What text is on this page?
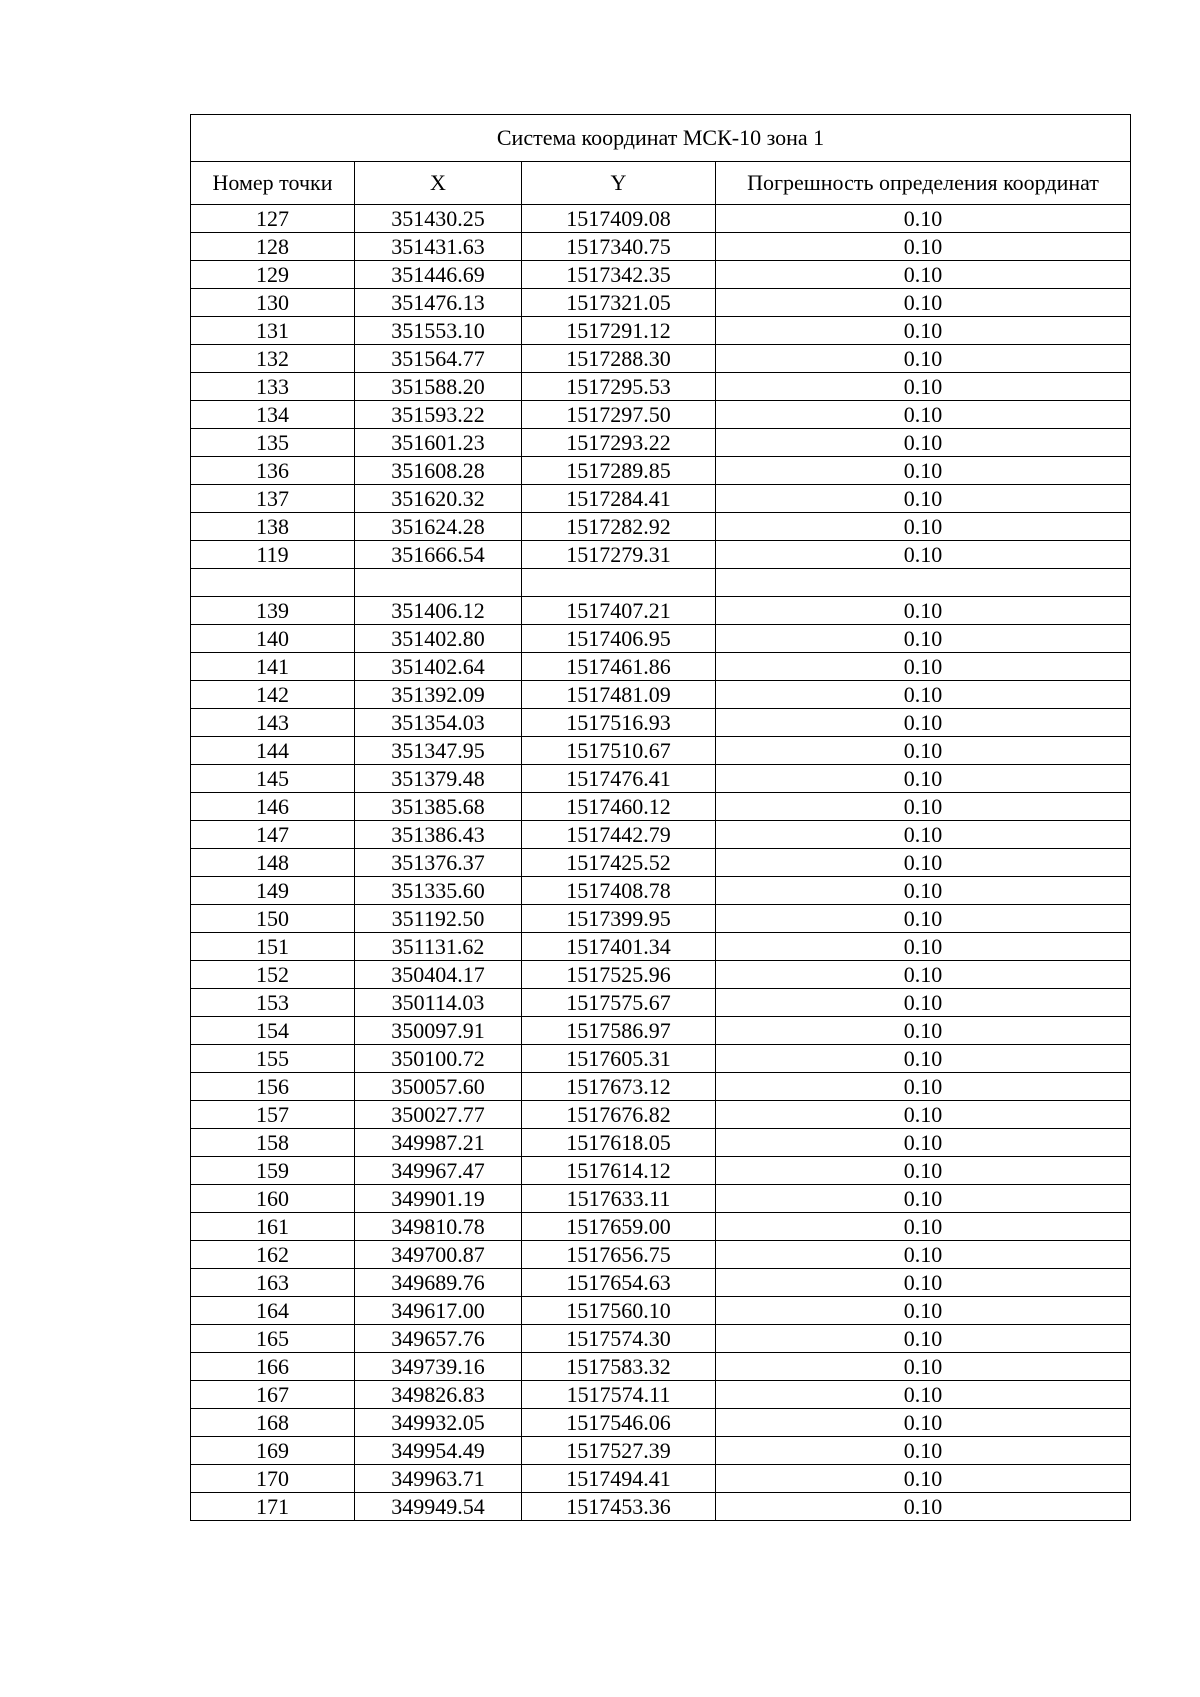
Система координат МСК-10 зона 1			
Номер точки	X	Y	Погрешность определения координат
127	351430.25	1517409.08	0.10
128	351431.63	1517340.75	0.10
129	351446.69	1517342.35	0.10
130	351476.13	1517321.05	0.10
131	351553.10	1517291.12	0.10
132	351564.77	1517288.30	0.10
133	351588.20	1517295.53	0.10
134	351593.22	1517297.50	0.10
135	351601.23	1517293.22	0.10
136	351608.28	1517289.85	0.10
137	351620.32	1517284.41	0.10
138	351624.28	1517282.92	0.10
119	351666.54	1517279.31	0.10

139	351406.12	1517407.21	0.10
140	351402.80	1517406.95	0.10
141	351402.64	1517461.86	0.10
142	351392.09	1517481.09	0.10
143	351354.03	1517516.93	0.10
144	351347.95	1517510.67	0.10
145	351379.48	1517476.41	0.10
146	351385.68	1517460.12	0.10
147	351386.43	1517442.79	0.10
148	351376.37	1517425.52	0.10
149	351335.60	1517408.78	0.10
150	351192.50	1517399.95	0.10
151	351131.62	1517401.34	0.10
152	350404.17	1517525.96	0.10
153	350114.03	1517575.67	0.10
154	350097.91	1517586.97	0.10
155	350100.72	1517605.31	0.10
156	350057.60	1517673.12	0.10
157	350027.77	1517676.82	0.10
158	349987.21	1517618.05	0.10
159	349967.47	1517614.12	0.10
160	349901.19	1517633.11	0.10
161	349810.78	1517659.00	0.10
162	349700.87	1517656.75	0.10
163	349689.76	1517654.63	0.10
164	349617.00	1517560.10	0.10
165	349657.76	1517574.30	0.10
166	349739.16	1517583.32	0.10
167	349826.83	1517574.11	0.10
168	349932.05	1517546.06	0.10
169	349954.49	1517527.39	0.10
170	349963.71	1517494.41	0.10
171	349949.54	1517453.36	0.10
